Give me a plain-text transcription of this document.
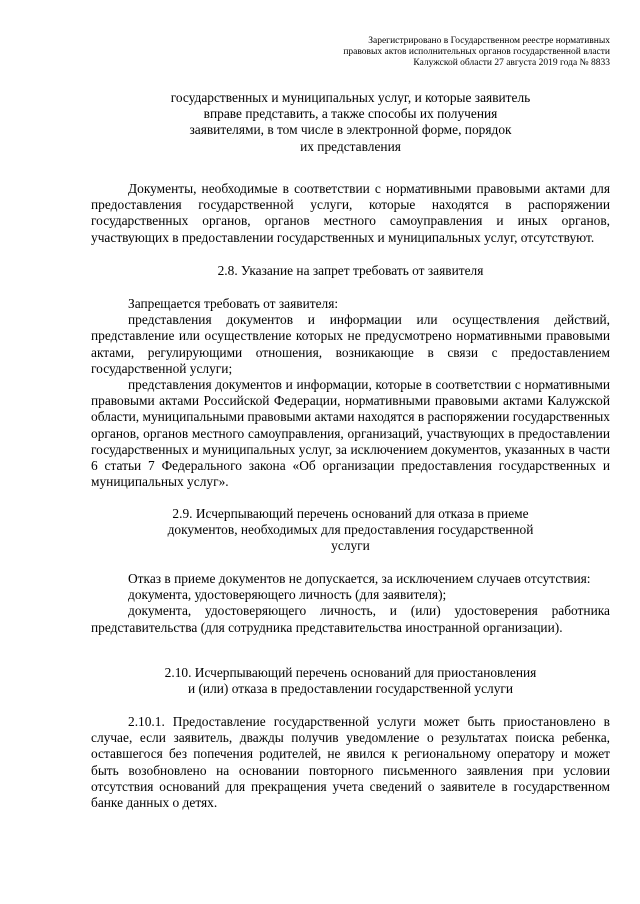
Зарегистрировано в Государственном реестре нормативных
правовых актов исполнительных органов государственной власти
Калужской области 27 августа 2019 года № 8833
государственных и муниципальных услуг, и которые заявитель
вправе представить, а также способы их получения
заявителями, в том числе в электронной форме, порядок
их представления

Документы, необходимые в соответствии с нормативными правовыми актами для предоставления государственной услуги, которые находятся в распоряжении государственных органов, органов местного самоуправления и иных органов, участвующих в предоставлении государственных и муниципальных услуг, отсутствуют.

2.8. Указание на запрет требовать от заявителя

Запрещается требовать от заявителя:

представления документов и информации или осуществления действий, представление или осуществление которых не предусмотрено нормативными правовыми актами, регулирующими отношения, возникающие в связи с предоставлением государственной услуги;

представления документов и информации, которые в соответствии с нормативными правовыми актами Российской Федерации, нормативными правовыми актами Калужской области, муниципальными правовыми актами находятся в распоряжении государственных органов, органов местного самоуправления, организаций, участвующих в предоставлении государственных и муниципальных услуг, за исключением документов, указанных в части 6 статьи 7 Федерального закона «Об организации предоставления государственных и муниципальных услуг».

2.9. Исчерпывающий перечень оснований для отказа в приеме
документов, необходимых для предоставления государственной
услуги

Отказ в приеме документов не допускается, за исключением случаев отсутствия:

документа, удостоверяющего личность (для заявителя);

документа, удостоверяющего личность, и (или) удостоверения работника представительства (для сотрудника представительства иностранной организации).

2.10. Исчерпывающий перечень оснований для приостановления
и (или) отказа в предоставлении государственной услуги

2.10.1. Предоставление государственной услуги может быть приостановлено в случае, если заявитель, дважды получив уведомление о результатах поиска ребенка, оставшегося без попечения родителей, не явился к региональному оператору и может быть возобновлено на основании повторного письменного заявления при условии отсутствия оснований для прекращения учета сведений о заявителе в государственном банке данных о детях.
